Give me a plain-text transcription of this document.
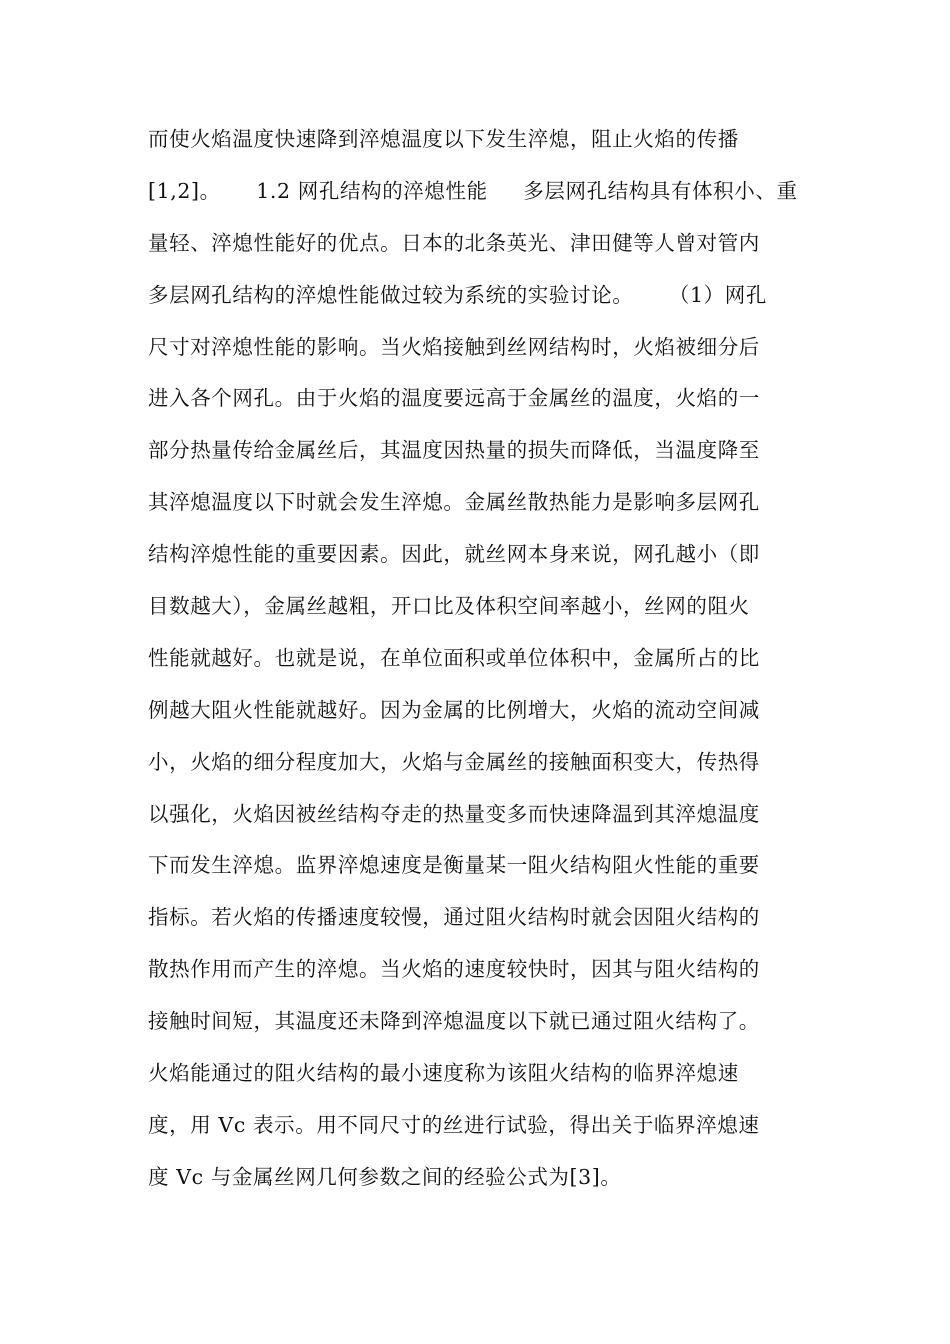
而使火焰温度快速降到淬熄温度以下发生淬熄，阻止火焰的传播
[1,2]。     1.2 网孔结构的淬熄性能     多层网孔结构具有体积小、重
量轻、淬熄性能好的优点。日本的北条英光、津田健等人曾对管内
多层网孔结构的淬熄性能做过较为系统的实验讨论。     （1）网孔
尺寸对淬熄性能的影响。当火焰接触到丝网结构时，火焰被细分后
进入各个网孔。由于火焰的温度要远高于金属丝的温度，火焰的一
部分热量传给金属丝后，其温度因热量的损失而降低，当温度降至
其淬熄温度以下时就会发生淬熄。金属丝散热能力是影响多层网孔
结构淬熄性能的重要因素。因此，就丝网本身来说，网孔越小（即
目数越大），金属丝越粗，开口比及体积空间率越小，丝网的阻火
性能就越好。也就是说，在单位面积或单位体积中，金属所占的比
例越大阻火性能就越好。因为金属的比例增大，火焰的流动空间减
小，火焰的细分程度加大，火焰与金属丝的接触面积变大，传热得
以强化，火焰因被丝结构夺走的热量变多而快速降温到其淬熄温度
下而发生淬熄。监界淬熄速度是衡量某一阻火结构阻火性能的重要
指标。若火焰的传播速度较慢，通过阻火结构时就会因阻火结构的
散热作用而产生的淬熄。当火焰的速度较快时，因其与阻火结构的
接触时间短，其温度还未降到淬熄温度以下就已通过阻火结构了。
火焰能通过的阻火结构的最小速度称为该阻火结构的临界淬熄速
度，用 Vc 表示。用不同尺寸的丝进行试验，得出关于临界淬熄速
度 Vc 与金属丝网几何参数之间的经验公式为[3]。
